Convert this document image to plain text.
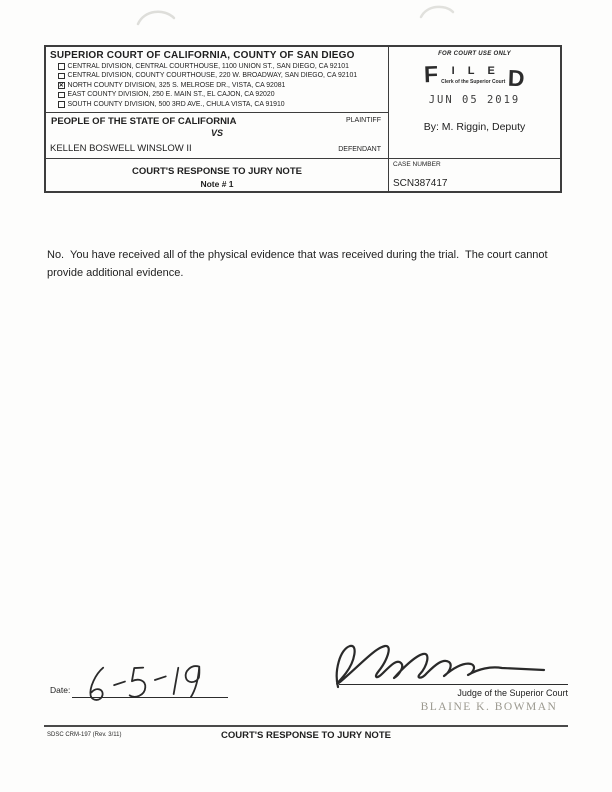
SUPERIOR COURT OF CALIFORNIA, COUNTY OF SAN DIEGO
CENTRAL DIVISION, CENTRAL COURTHOUSE, 1100 UNION ST., SAN DIEGO, CA 92101
CENTRAL DIVISION, COUNTY COURTHOUSE, 220 W. BROADWAY, SAN DIEGO, CA 92101
✕ NORTH COUNTY DIVISION, 325 S. MELROSE DR., VISTA, CA 92081
EAST COUNTY DIVISION, 250 E. MAIN ST., EL CAJON, CA 92020
SOUTH COUNTY DIVISION, 500 3RD AVE., CHULA VISTA, CA 91910
PEOPLE OF THE STATE OF CALIFORNIA	PLAINTIFF
VS
KELLEN BOSWELL WINSLOW II	DEFENDANT
COURT'S RESPONSE TO JURY NOTE
Note # 1
FOR COURT USE ONLY
F I L E
Clerk of the Superior Court D
JUN 05 2019
By: M. Riggin, Deputy
CASE NUMBER
SCN387417
No.  You have received all of the physical evidence that was received during the trial.  The court cannot provide additional evidence.
Date:	Judge of the Superior Court
BLAINE K. BOWMAN
SDSC CRM-197 (Rev. 3/11)	COURT'S RESPONSE TO JURY NOTE
